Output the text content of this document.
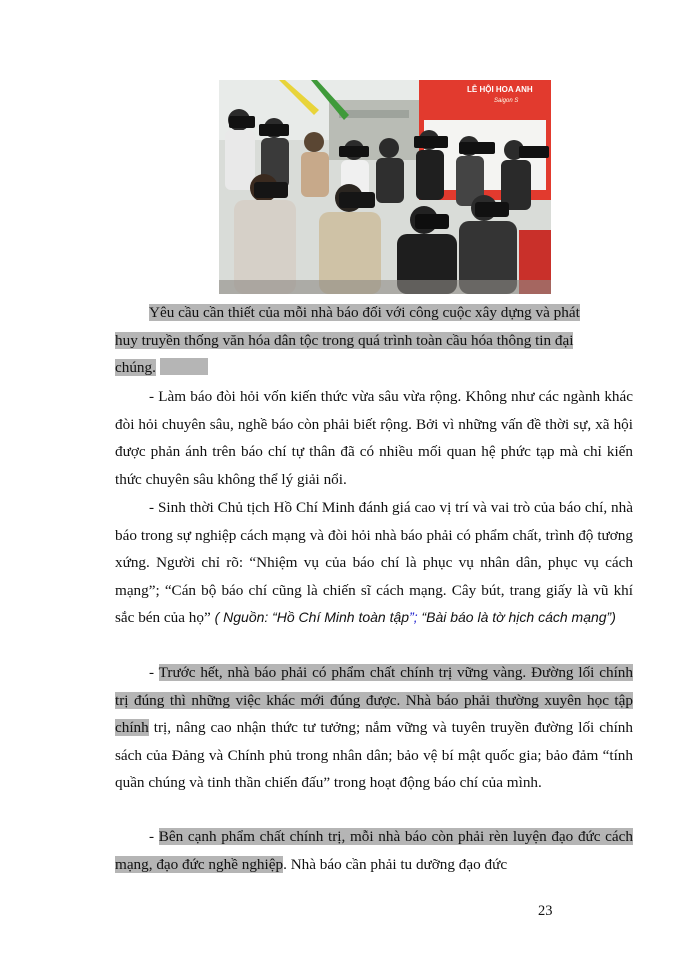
LỄ HỘI HOA ANH
Saigon S

Yêu cầu cần thiết của mỗi nhà báo đối với công cuộc xây dựng và phát

huy truyền thống văn hóa dân tộc trong quá trình toàn cầu hóa thông tin đại

chúng.

- Làm báo đòi hỏi vốn kiến thức vừa sâu vừa rộng. Không như các ngành khác đòi hỏi chuyên sâu, nghề báo còn phải biết rộng. Bởi vì những vấn đề thời sự, xã hội được phản ánh trên báo chí tự thân đã có nhiều mối quan hệ phức tạp mà chỉ kiến thức chuyên sâu không thể lý giải nổi.

- Sinh thời Chủ tịch Hồ Chí Minh đánh giá cao vị trí và vai trò của báo chí, nhà báo trong sự nghiệp cách mạng và đòi hỏi nhà báo phải có phẩm chất, trình độ tương xứng. Người chỉ rõ: “Nhiệm vụ của báo chí là phục vụ nhân dân, phục vụ cách mạng”; “Cán bộ báo chí cũng là chiến sĩ cách mạng. Cây bút, trang giấy là vũ khí sắc bén của họ” ( Nguồn: “Hồ Chí Minh toàn tập”; “Bài báo là tờ hịch cách mạng”)

- Trước hết, nhà báo phải có phẩm chất chính trị vững vàng. Đường lối chính trị đúng thì những việc khác mới đúng được. Nhà báo phải thường xuyên học tập chính trị, nâng cao nhận thức tư tưởng; nắm vững và tuyên truyền đường lối chính sách của Đảng và Chính phủ trong nhân dân; bảo vệ bí mật quốc gia; bảo đảm “tính quần chúng và tinh thần chiến đấu” trong hoạt động báo chí của mình.

- Bên cạnh phẩm chất chính trị, mỗi nhà báo còn phải rèn luyện đạo đức cách mạng, đạo đức nghề nghiệp. Nhà báo cần phải tu dưỡng đạo đức

23
